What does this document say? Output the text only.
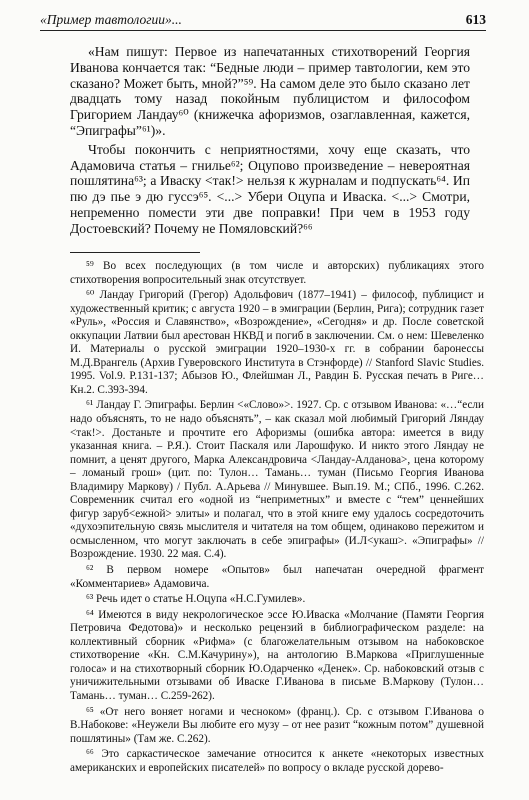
«Пример тавтологии»...	613

«Нам пишут: Первое из напечатанных стихотворений Георгия Иванова кончается так: “Бедные люди – пример тавтологии, кем это сказано? Может быть, мной?”⁵⁹. На самом деле это было сказано лет двадцать тому назад покойным публицистом и философом Григорием Ландау⁶⁰ (книжечка афоризмов, озаглавленная, кажется, “Эпиграфы”⁶¹)».

Чтобы покончить с неприятностями, хочу еще сказать, что Адамовича статья – гнилье⁶²; Оцупово произведение – невероятная пошлятина⁶³; а Иваску <так!> нельзя к журналам и подпускать⁶⁴. Ип пю дэ пье э дю гуссэ⁶⁵. <...> Убери Оцупа и Иваска. <...> Смотри, непременно помести эти две поправки! При чем в 1953 году Достоевский? Почему не Помяловский?⁶⁶

⁵⁹ Во всех последующих (в том числе и авторских) публикациях этого стихотворения вопросительный знак отсутствует.

⁶⁰ Ландау Григорий (Грегор) Адольфович (1877–1941) – философ, публицист и художественный критик; с августа 1920 – в эмиграции (Берлин, Рига); сотрудник газет «Руль», «Россия и Славянство», «Возрождение», «Сегодня» и др. После советской оккупации Латвии был арестован НКВД и погиб в заключении. См. о нем: Шевеленко И. Материалы о русской эмиграции 1920–1930-х гг. в собрании баронессы М.Д.Врангель (Архив Гуверовского Института в Стэнфорде) // Stanford Slavic Studies. 1995. Vol.9. Р.131-137; Абызов Ю., Флейшман Л., Равдин Б. Русская печать в Риге… Кн.2. С.393-394.

⁶¹ Ландау Г. Эпиграфы. Берлин <«Слово»>. 1927. Ср. с отзывом Иванова: «…“если надо объяснять, то не надо объяснять”, – как сказал мой любимый Григорий Ляндау <так!>. Достаньте и прочтите его Афоризмы (ошибка автора: имеется в виду указанная книга. – Р.Я.). Стоит Паскаля или Ларошфуко. И никто этого Ляндау не помнит, а ценят другого, Марка Александровича <Ландау-Алданова>, цена которому – ломаный грош» (цит. по: Тулон… Тамань… туман (Письмо Георгия Иванова Владимиру Маркову) / Публ. А.Арьева // Минувшее. Вып.19. М.; СПб., 1996. С.262. Современник считал его «одной из “неприметных” и вместе с “тем” ценнейших фигур заруб<ежной> элиты» и полагал, что в этой книге ему удалось сосредоточить «духоэпительную связь мыслителя и читателя на том общем, одинаково пережитом и осмысленном, что могут заключать в себе эпиграфы» (И.Л<укаш>. «Эпиграфы» // Возрождение. 1930. 22 мая. С.4).

⁶² В первом номере «Опытов» был напечатан очередной фрагмент «Комментариев» Адамовича.

⁶³ Речь идет о статье Н.Оцупа «Н.С.Гумилев».

⁶⁴ Имеются в виду некрологическое эссе Ю.Иваска «Молчание (Памяти Георгия Петровича Федотова)» и несколько рецензий в библиографическом разделе: на коллективный сборник «Рифма» (с благожелательным отзывом на набоковское стихотворение «Кн. С.М.Качурину»), на антологию В.Маркова «Приглушенные голоса» и на стихотворный сборник Ю.Одарченко «Денек». Ср. набоковский отзыв с уничижительными отзывами об Иваске Г.Иванова в письме В.Маркову (Тулон… Тамань… туман… С.259-262).

⁶⁵ «От него воняет ногами и чесноком» (франц.). Ср. с отзывом Г.Иванова о В.Набокове: «Неужели Вы любите его музу – от нее разит “кожным потом” душевной пошлятины» (Там же. С.262).

⁶⁶ Это саркастическое замечание относится к анкете «некоторых известных американских и европейских писателей» по вопросу о вкладе русской дорево-
